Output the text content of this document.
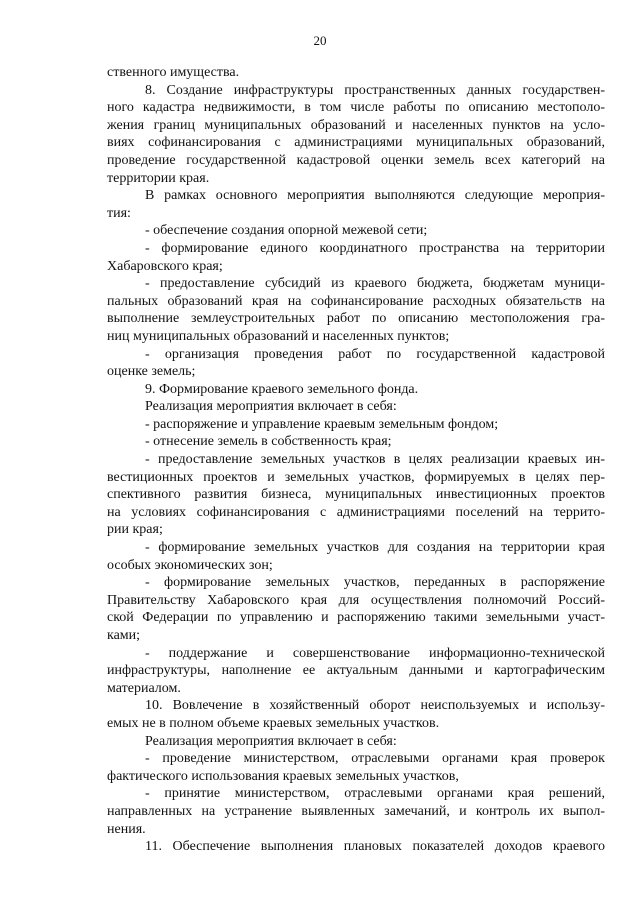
20
ственного имущества.
8. Создание инфраструктуры пространственных данных государствен-
ного кадастра недвижимости, в том числе работы по описанию местополо-
жения границ муниципальных образований и населенных пунктов на усло-
виях софинансирования с администрациями муниципальных образований,
проведение государственной кадастровой оценки земель всех категорий на
территории края.
В рамках основного мероприятия выполняются следующие мероприя-
тия:
- обеспечение создания опорной межевой сети;
- формирование единого координатного пространства на территории
Хабаровского края;
- предоставление субсидий из краевого бюджета, бюджетам муници-
пальных образований края на софинансирование расходных обязательств на
выполнение землеустроительных работ по описанию местоположения гра-
ниц муниципальных образований и населенных пунктов;
- организация проведения работ по государственной кадастровой
оценке земель;
9. Формирование краевого земельного фонда.
Реализация мероприятия включает в себя:
- распоряжение и управление краевым земельным фондом;
- отнесение земель в собственность края;
- предоставление земельных участков в целях реализации краевых ин-
вестиционных проектов и земельных участков, формируемых в целях пер-
спективного развития бизнеса, муниципальных инвестиционных проектов
на условиях софинансирования с администрациями поселений на террито-
рии края;
- формирование земельных участков для создания на территории края
особых экономических зон;
- формирование земельных участков, переданных в распоряжение
Правительству Хабаровского края для осуществления полномочий Россий-
ской Федерации по управлению и распоряжению такими земельными участ-
ками;
- поддержание и совершенствование информационно-технической
инфраструктуры, наполнение ее актуальным данными и картографическим
материалом.
10. Вовлечение в хозяйственный оборот неиспользуемых и использу-
емых не в полном объеме краевых земельных участков.
Реализация мероприятия включает в себя:
- проведение министерством, отраслевыми органами края проверок
фактического использования краевых земельных участков,
- принятие министерством, отраслевыми органами края решений,
направленных на устранение выявленных замечаний, и контроль их выпол-
нения.
11. Обеспечение выполнения плановых показателей доходов краевого
